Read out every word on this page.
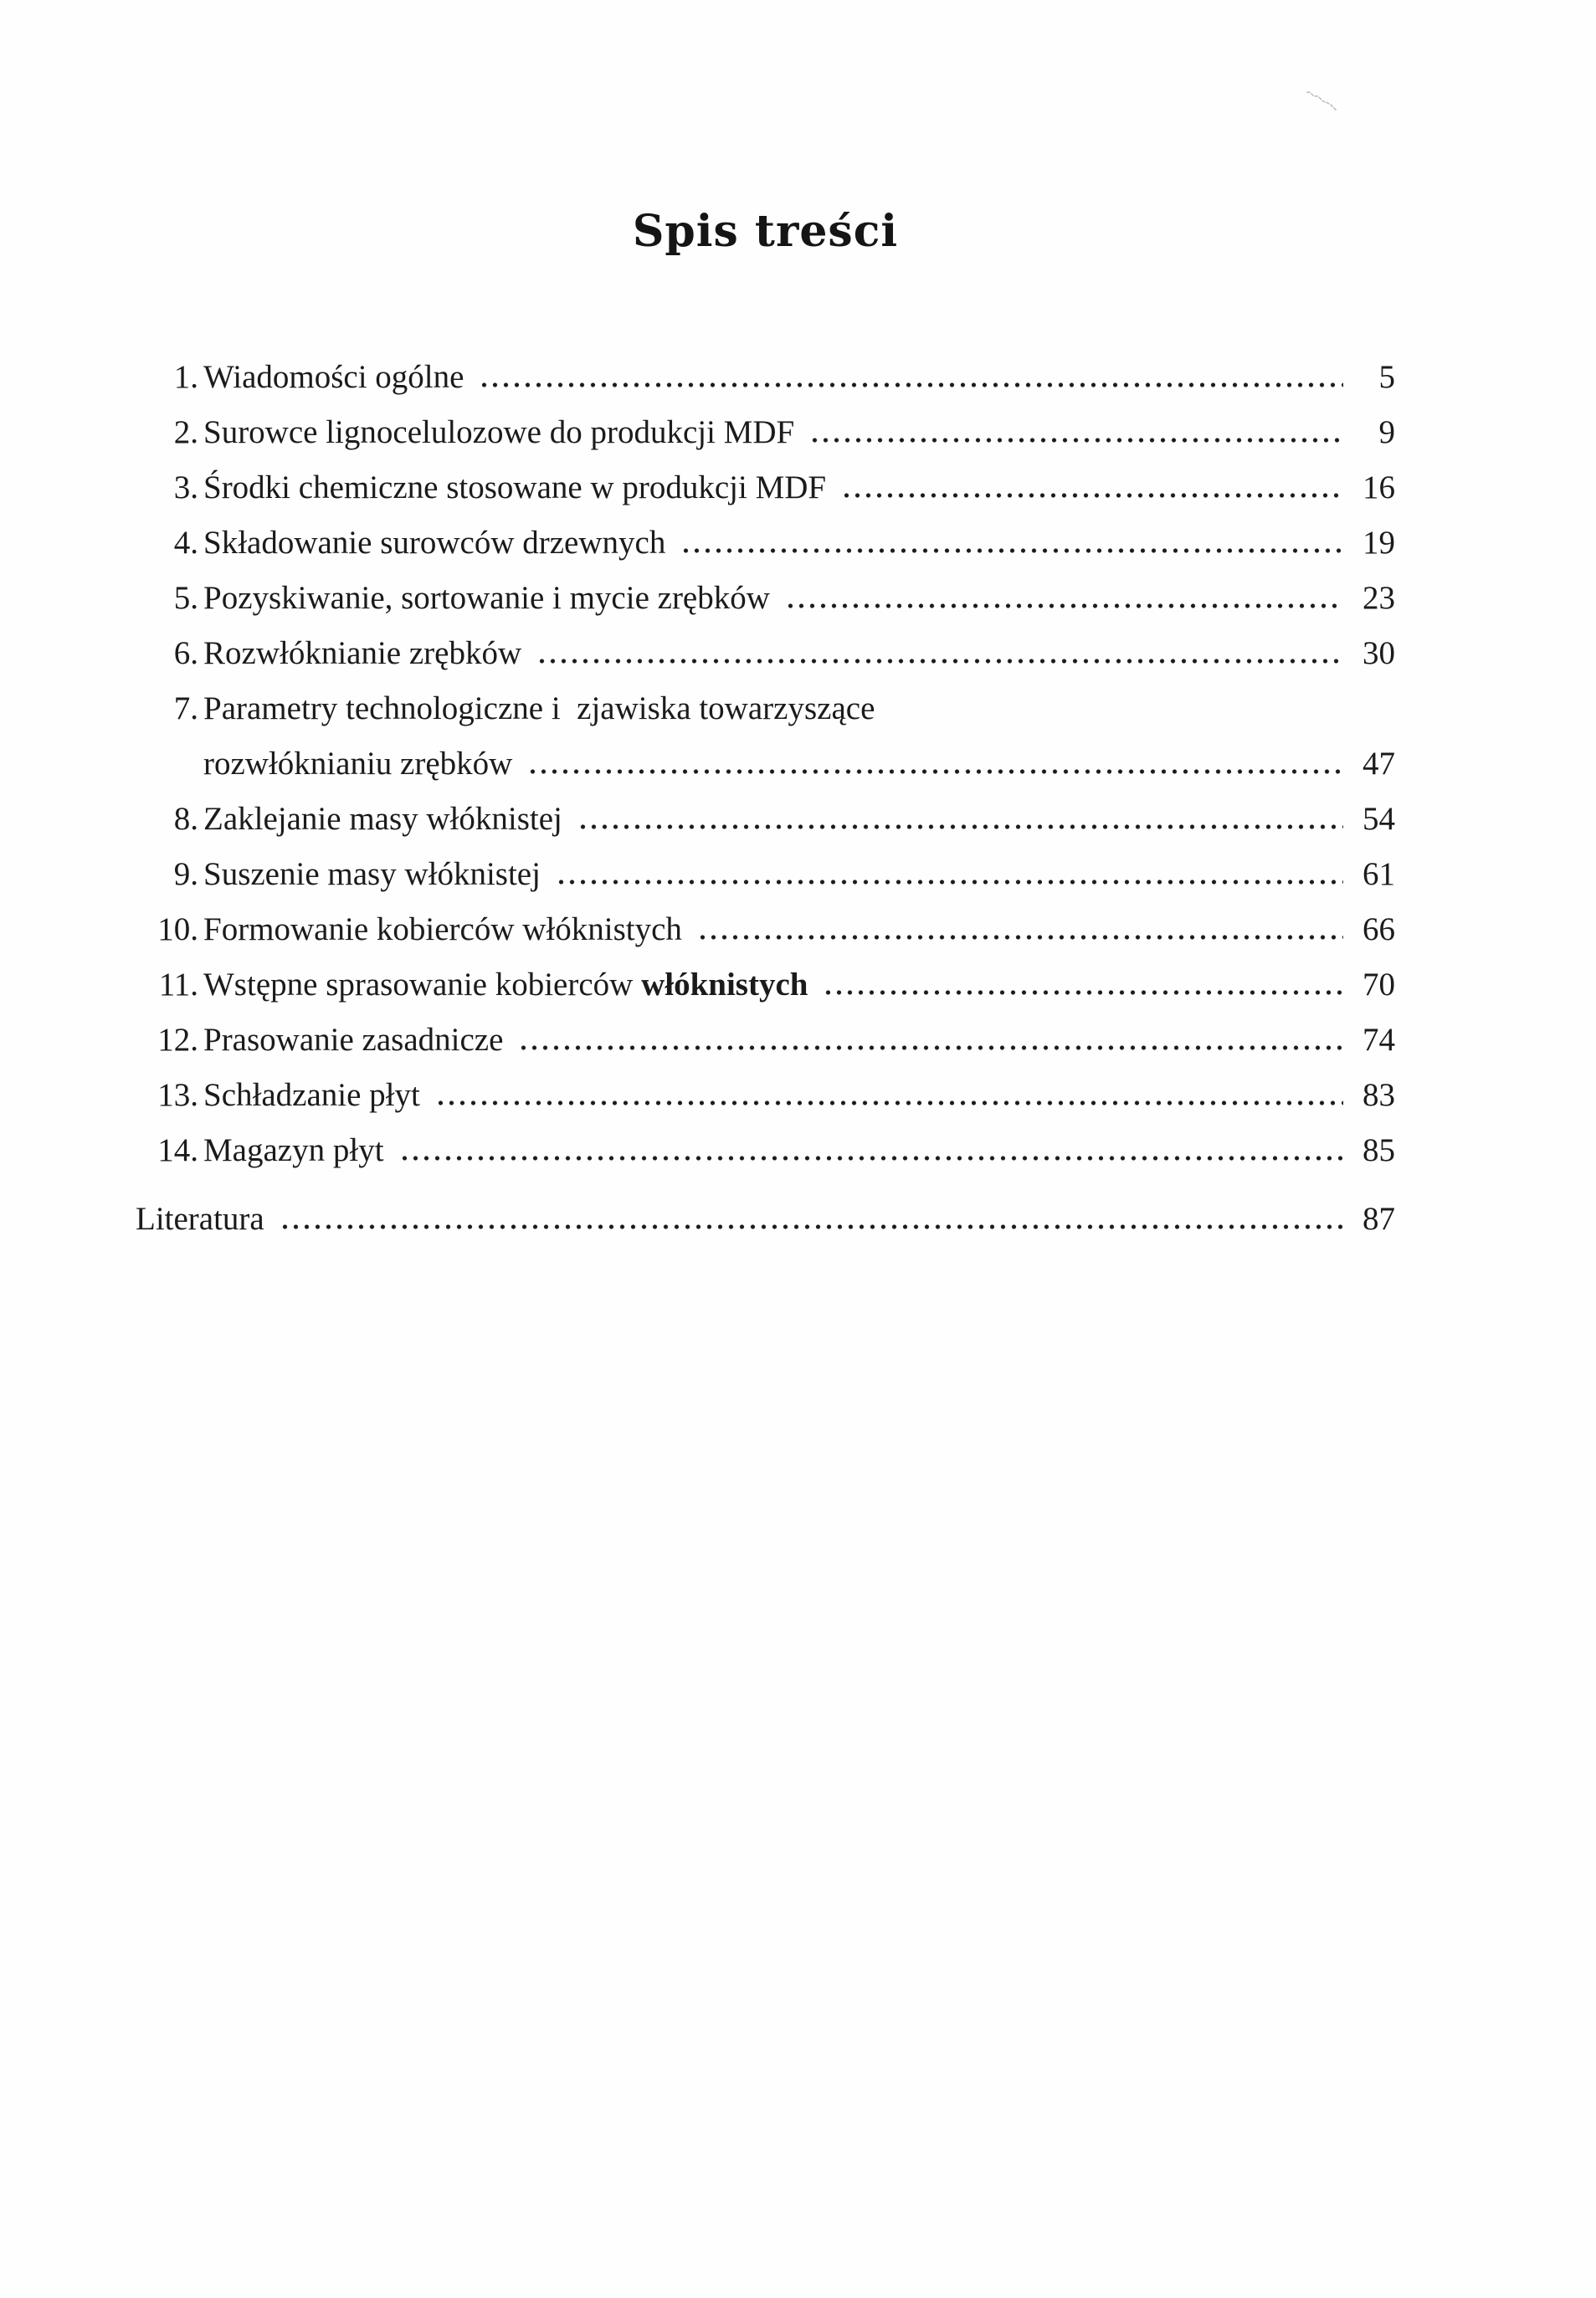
Spis treści
1. Wiadomości ogólne	5
2. Surowce lignocelulozowe do produkcji MDF	9
3. Środki chemiczne stosowane w produkcji MDF	16
4. Składowanie surowców drzewnych	19
5. Pozyskiwanie, sortowanie i mycie zrębków	23
6. Rozwłóknianie zrębków	30
7. Parametry technologiczne i  zjawiska towarzyszące
rozwłóknianiu zrębków	47
8. Zaklejanie masy włóknistej	54
9. Suszenie masy włóknistej	61
10. Formowanie kobierców włóknistych	66
11. Wstępne sprasowanie kobierców włóknistych	70
12. Prasowanie zasadnicze	74
13. Schładzanie płyt	83
14. Magazyn płyt	85
Literatura	87
